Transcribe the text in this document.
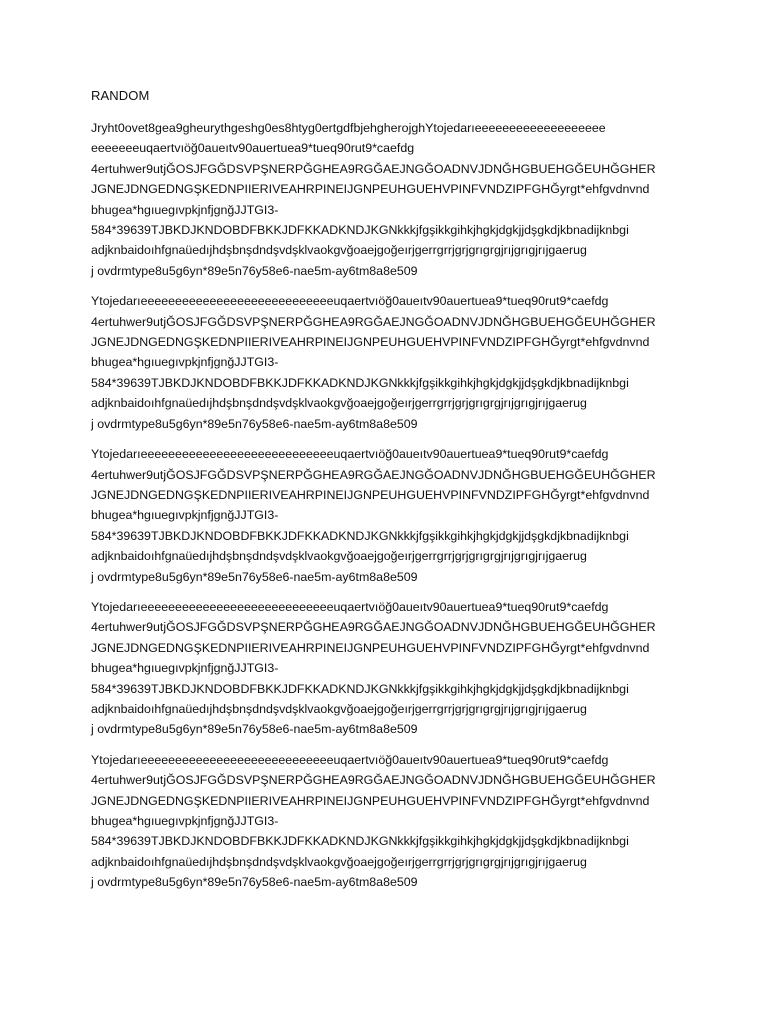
RANDOM
Jryht0ovet8gea9gheurythgeshg0es8htyg0ertgdfbjehgherojghYtojedarıeeeeeeeeeeeeeeeeeee
eeeeeeeuqaertvıöğ0aueıtv90auertuea9*tueq90rut9*caefdg
4ertuhwer9utjĞOSJFGĞDSVPŞNERPĞGHEA9RGĞAEJNGĞOADNVJDNĞHGBUEHGĞEUHĞGHER
JGNEJDNGEDNGŞKEDNPIIERIVEAHRPINEIJGNPEUHGUEHVPINFVNDZIPFGHĞyrgt*ehfgvdnvnd
bhugea*hgıuegıvpkjnfjgnğJJTGI3-
584*39639TJBKDJKNDOBDFBKKJDFKKADKNDJKGNkkkjfgşikkgihkjhgkjdgkjjdşgkdjkbnadijknbgi
adjknbaidoıhfgnaüedıjhdşbnşdndşvdşklvaokgvğoaejgoğeırjgerrgrrjgrjgrıgrgjrıjgrıgjrıjgaerug
j ovdrmtype8u5g6yn*89e5n76y58e6-nae5m-ay6tm8a8e509
Ytojedarıeeeeeeeeeeeeeeeeeeeeeeeeeeeeuqaertvıöğ0aueıtv90auertuea9*tueq90rut9*caefdg
4ertuhwer9utjĞOSJFGĞDSVPŞNERPĞGHEA9RGĞAEJNGĞOADNVJDNĞHGBUEHGĞEUHĞGHER
JGNEJDNGEDNGŞKEDNPIIERIVEAHRPINEIJGNPEUHGUEHVPINFVNDZIPFGHĞyrgt*ehfgvdnvnd
bhugea*hgıuegıvpkjnfjgnğJJTGI3-
584*39639TJBKDJKNDOBDFBKKJDFKKADKNDJKGNkkkjfgşikkgihkjhgkjdgkjjdşgkdjkbnadijknbgi
adjknbaidoıhfgnaüedıjhdşbnşdndşvdşklvaokgvğoaejgoğeırjgerrgrrjgrjgrıgrgjrıjgrıgjrıjgaerug
j ovdrmtype8u5g6yn*89e5n76y58e6-nae5m-ay6tm8a8e509
Ytojedarıeeeeeeeeeeeeeeeeeeeeeeeeeeeeuqaertvıöğ0aueıtv90auertuea9*tueq90rut9*caefdg
4ertuhwer9utjĞOSJFGĞDSVPŞNERPĞGHEA9RGĞAEJNGĞOADNVJDNĞHGBUEHGĞEUHĞGHER
JGNEJDNGEDNGŞKEDNPIIERIVEAHRPINEIJGNPEUHGUEHVPINFVNDZIPFGHĞyrgt*ehfgvdnvnd
bhugea*hgıuegıvpkjnfjgnğJJTGI3-
584*39639TJBKDJKNDOBDFBKKJDFKKADKNDJKGNkkkjfgşikkgihkjhgkjdgkjjdşgkdjkbnadijknbgi
adjknbaidoıhfgnaüedıjhdşbnşdndşvdşklvaokgvğoaejgoğeırjgerrgrrjgrjgrıgrgjrıjgrıgjrıjgaerug
j ovdrmtype8u5g6yn*89e5n76y58e6-nae5m-ay6tm8a8e509
Ytojedarıeeeeeeeeeeeeeeeeeeeeeeeeeeeeuqaertvıöğ0aueıtv90auertuea9*tueq90rut9*caefdg
4ertuhwer9utjĞOSJFGĞDSVPŞNERPĞGHEA9RGĞAEJNGĞOADNVJDNĞHGBUEHGĞEUHĞGHER
JGNEJDNGEDNGŞKEDNPIIERIVEAHRPINEIJGNPEUHGUEHVPINFVNDZIPFGHĞyrgt*ehfgvdnvnd
bhugea*hgıuegıvpkjnfjgnğJJTGI3-
584*39639TJBKDJKNDOBDFBKKJDFKKADKNDJKGNkkkjfgşikkgihkjhgkjdgkjjdşgkdjkbnadijknbgi
adjknbaidoıhfgnaüedıjhdşbnşdndşvdşklvaokgvğoaejgoğeırjgerrgrrjgrjgrıgrgjrıjgrıgjrıjgaerug
j ovdrmtype8u5g6yn*89e5n76y58e6-nae5m-ay6tm8a8e509
Ytojedarıeeeeeeeeeeeeeeeeeeeeeeeeeeeeuqaertvıöğ0aueıtv90auertuea9*tueq90rut9*caefdg
4ertuhwer9utjĞOSJFGĞDSVPŞNERPĞGHEA9RGĞAEJNGĞOADNVJDNĞHGBUEHGĞEUHĞGHER
JGNEJDNGEDNGŞKEDNPIIERIVEAHRPINEIJGNPEUHGUEHVPINFVNDZIPFGHĞyrgt*ehfgvdnvnd
bhugea*hgıuegıvpkjnfjgnğJJTGI3-
584*39639TJBKDJKNDOBDFBKKJDFKKADKNDJKGNkkkjfgşikkgihkjhgkjdgkjjdşgkdjkbnadijknbgi
adjknbaidoıhfgnaüedıjhdşbnşdndşvdşklvaokgvğoaejgoğeırjgerrgrrjgrjgrıgrgjrıjgrıgjrıjgaerug
j ovdrmtype8u5g6yn*89e5n76y58e6-nae5m-ay6tm8a8e509
